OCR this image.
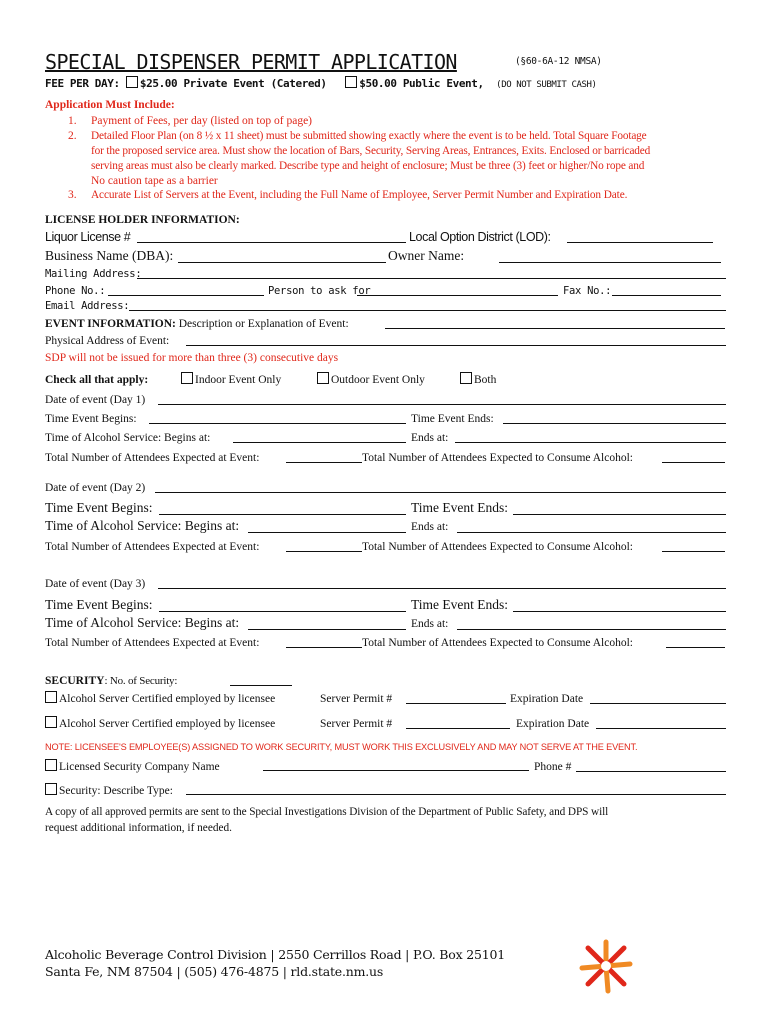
SPECIAL DISPENSER PERMIT APPLICATION	(§60-6A-12 NMSA)
FEE PER DAY: $25.00 Private Event (Catered)	$50.00 Public Event, (DO NOT SUBMIT CASH)
Application Must Include:
1. Payment of Fees, per day (listed on top of page)
2. Detailed Floor Plan (on 8 ½ x 11 sheet) must be submitted showing exactly where the event is to be held. Total Square Footage
for the proposed service area. Must show the location of Bars, Security, Serving Areas, Entrances, Exits. Enclosed or barricaded
serving areas must also be clearly marked. Describe type and height of enclosure; Must be three (3) feet or higher/No rope and
No caution tape as a barrier
3. Accurate List of Servers at the Event, including the Full Name of Employee, Server Permit Number and Expiration Date.
LICENSE HOLDER INFORMATION:
Liquor License #	Local Option District (LOD):
Business Name (DBA):	Owner Name:
Mailing Address:
Phone No.:	Person to ask for	Fax No.:
Email Address:
EVENT INFORMATION: Description or Explanation of Event:
Physical Address of Event:
SDP will not be issued for more than three (3) consecutive days
Check all that apply:	Indoor Event Only	Outdoor Event Only	Both
Date of event (Day 1)
Time Event Begins:	Time Event Ends:
Time of Alcohol Service: Begins at:	Ends at:
Total Number of Attendees Expected at Event:	Total Number of Attendees Expected to Consume Alcohol:
Date of event (Day 2)
Time Event Begins:	Time Event Ends:
Time of Alcohol Service: Begins at:	Ends at:
Total Number of Attendees Expected at Event:	Total Number of Attendees Expected to Consume Alcohol:
Date of event (Day 3)
Time Event Begins:	Time Event Ends:
Time of Alcohol Service: Begins at:	Ends at:
Total Number of Attendees Expected at Event:	Total Number of Attendees Expected to Consume Alcohol:
SECURITY: No. of Security:
Alcohol Server Certified employed by licensee	Server Permit #	Expiration Date
Alcohol Server Certified employed by licensee	Server Permit #	Expiration Date
NOTE: LICENSEE'S EMPLOYEE(S) ASSIGNED TO WORK SECURITY, MUST WORK THIS EXCLUSIVELY AND MAY NOT SERVE AT THE EVENT.
Licensed Security Company Name	Phone #
Security: Describe Type:
A copy of all approved permits are sent to the Special Investigations Division of the Department of Public Safety, and DPS will
request additional information, if needed.
Alcoholic Beverage Control Division | 2550 Cerrillos Road | P.O. Box 25101
Santa Fe, NM 87504 | (505) 476-4875 | rld.state.nm.us
